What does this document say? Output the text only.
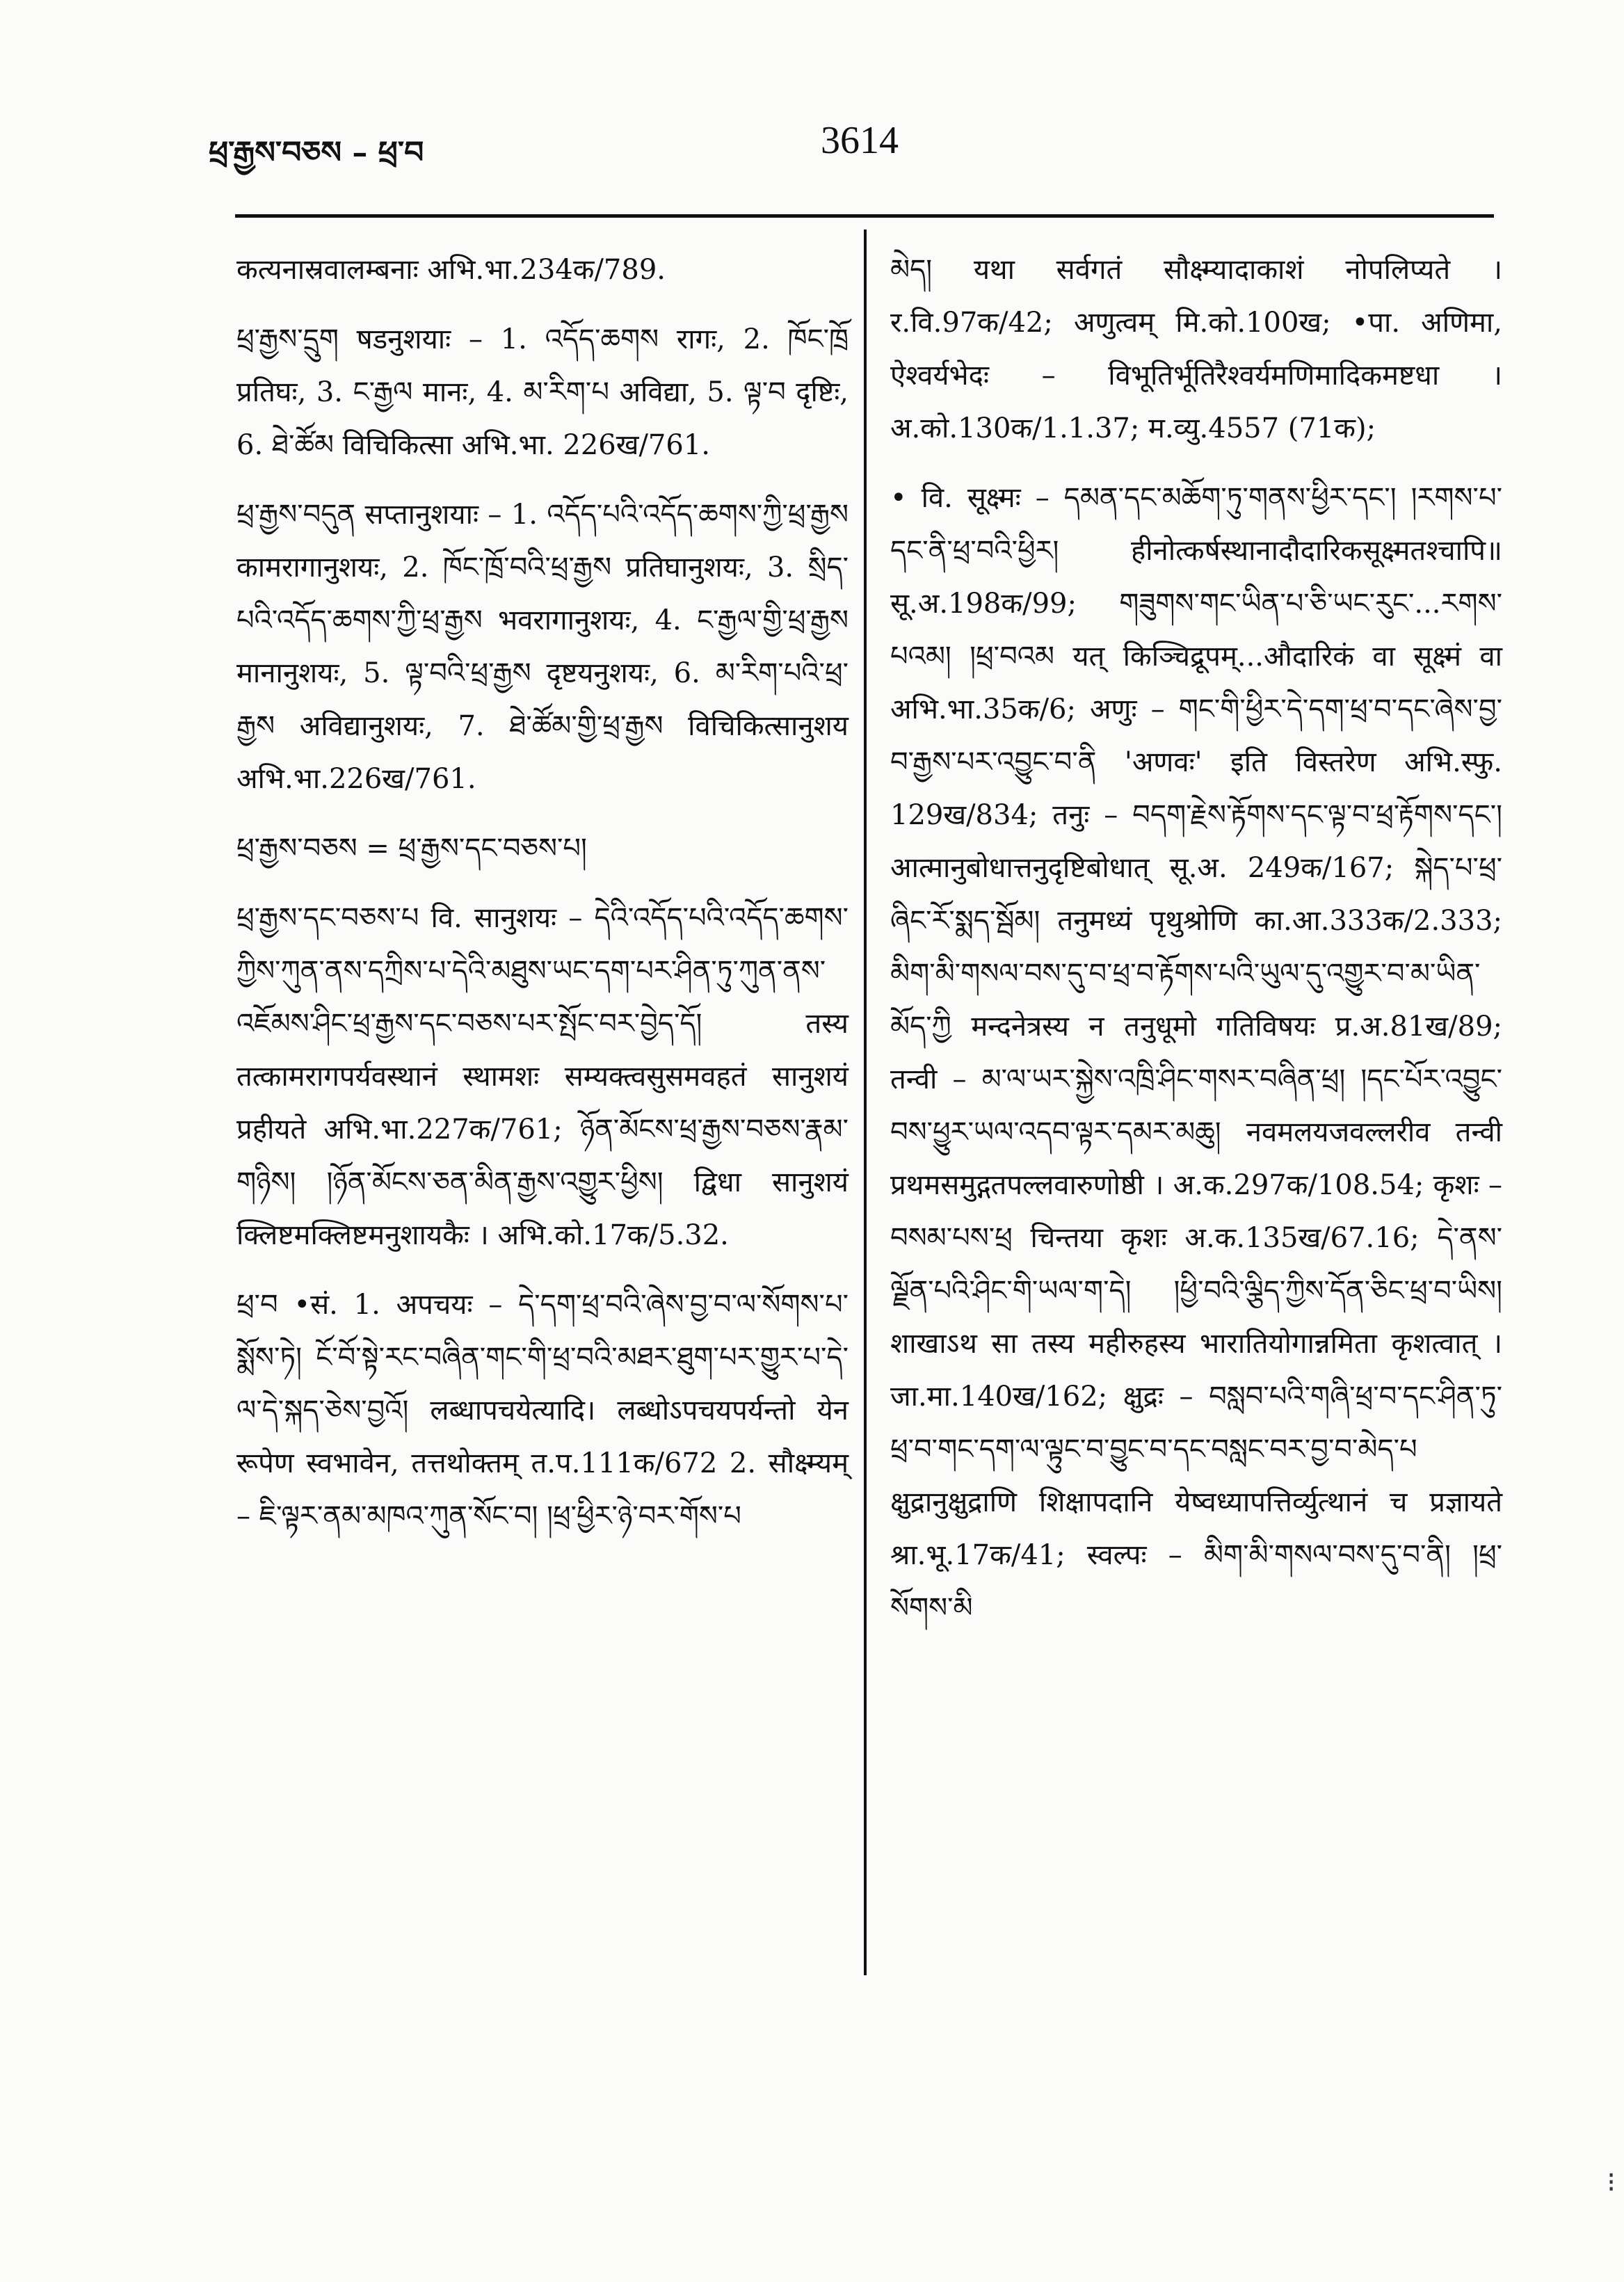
ཕྲ་རྒྱས་བཅས – ཕྲ་བ	3614

कत्यनास्रवालम्बनाः अभि.भा.234क/789.

ཕྲ་རྒྱས་དྲུག षडनुशयाः – 1. འདོད་ཆགས रागः, 2. ཁོང་ཁྲོ प्रतिघः, 3. ང་རྒྱལ मानः, 4. མ་རིག་པ अविद्या, 5. ལྟ་བ दृष्टिः, 6. ཐེ་ཚོམ विचिकित्सा अभि.भा. 226ख/761.

ཕྲ་རྒྱས་བདུན सप्तानुशयाः – 1. འདོད་པའི་འདོད་ཆགས་ཀྱི་ཕྲ་རྒྱས कामरागानुशयः, 2. ཁོང་ཁྲོ་བའི་ཕྲ་རྒྱས प्रतिघानुशयः, 3. སྲིད་པའི་འདོད་ཆགས་ཀྱི་ཕྲ་རྒྱས भवरागानुशयः, 4. ང་རྒྱལ་གྱི་ཕྲ་རྒྱས मानानुशयः, 5. ལྟ་བའི་ཕྲ་རྒྱས दृष्टयनुशयः, 6. མ་རིག་པའི་ཕྲ་རྒྱས अविद्यानुशयः, 7. ཐེ་ཚོམ་གྱི་ཕྲ་རྒྱས विचिकित्सानुशय अभि.भा.226ख/761.

ཕྲ་རྒྱས་བཅས = ཕྲ་རྒྱས་དང་བཅས་པ།

ཕྲ་རྒྱས་དང་བཅས་པ वि. सानुशयः – དེའི་འདོད་པའི་འདོད་ཆགས་ཀྱིས་ཀུན་ནས་དཀྲིས་པ་དེའི་མཐུས་ཡང་དག་པར་ཤིན་ཏུ་ཀུན་ནས་འཇོམས་ཤིང་ཕྲ་རྒྱས་དང་བཅས་པར་སྤོང་བར་བྱེད་དོ། तस्य तत्कामरागपर्यवस्थानं स्थामशः सम्यक्त्वसुसमवहतं सानुशयं प्रहीयते अभि.भा.227क/761; ཉོན་མོངས་ཕྲ་རྒྱས་བཅས་རྣམ་གཉིས། །ཉོན་མོངས་ཅན་མིན་རྒྱས་འགྱུར་ཕྱིས། द्विधा सानुशयं क्लिष्टमक्लिष्टमनुशायकैः । अभि.को.17क/5.32.

ཕྲ་བ •सं. 1. अपचयः – དེ་དག་ཕྲ་བའི་ཞེས་བྱ་བ་ལ་སོགས་པ་སྨོས་ཏེ། ངོ་བོ་སྟེ་རང་བཞིན་གང་གི་ཕྲ་བའི་མཐར་ཐུག་པར་གྱུར་པ་དེ་ལ་དེ་སྐད་ཅེས་བྱའོ། लब्धापचयेत्यादि। लब्धोऽपचयपर्यन्तो येन रूपेण स्वभावेन, तत्तथोक्तम् त.प.111क/672 2. सौक्ष्म्यम् – ཇི་ལྟར་ནམ་མཁའ་ཀུན་སོང་བ། །ཕྲ་ཕྱིར་ཉེ་བར་གོས་པ

མེད། यथा सर्वगतं सौक्ष्म्यादाकाशं नोपलिप्यते । र.वि.97क/42; अणुत्वम् मि.को.100ख; •पा. अणिमा, ऐश्वर्यभेदः – विभूतिर्भूतिरैश्वर्यमणिमादिकमष्टधा । अ.को.130क/1.1.37; म.व्यु.4557 (71क);

• वि. सूक्ष्मः – དམན་དང་མཆོག་ཏུ་གནས་ཕྱིར་དང་། །རགས་པ་དང་ནི་ཕྲ་བའི་ཕྱིར། हीनोत्कर्षस्थानादौदारिकसूक्ष्मतश्चापि॥ सू.अ.198क/99; གཟུགས་གང་ཡིན་པ་ཅི་ཡང་རུང་...རགས་པའམ། །ཕྲ་བའམ यत् किञ्चिद्रूपम्...औदारिकं वा सूक्ष्मं वा अभि.भा.35क/6; अणुः – གང་གི་ཕྱིར་དེ་དག་ཕྲ་བ་དང་ཞེས་བྱ་བ་རྒྱས་པར་འབྱུང་བ་ནི 'अणवः' इति विस्तरेण अभि.स्फु. 129ख/834; तनुः – བདག་རྗེས་རྟོགས་དང་ལྟ་བ་ཕྲ་རྟོགས་དང་། आत्मानुबोधात्तनुदृष्टिबोधात् सू.अ. 249क/167; སྐེད་པ་ཕྲ་ཞིང་རོ་སྨད་སྦོམ། तनुमध्यं पृथुश्रोणि का.आ.333क/2.333; མིག་མི་གསལ་བས་དུ་བ་ཕྲ་བ་རྟོགས་པའི་ཡུལ་དུ་འགྱུར་བ་མ་ཡིན་མོད་ཀྱི मन्दनेत्रस्य न तनुधूमो गतिविषयः प्र.अ.81ख/89; तन्वी – མ་ལ་ཡར་སྐྱེས་འཁྲི་ཤིང་གསར་བཞིན་ཕྲ། །དང་པོར་འབྱུང་བས་ཕྱུར་ཡལ་འདབ་ལྟར་དམར་མཆུ། नवमलयजवल्लरीव तन्वी प्रथमसमुद्गतपल्लवारुणोष्ठी । अ.क.297क/108.54; कृशः – བསམ་པས་ཕྲ चिन्तया कृशः अ.क.135ख/67.16; དེ་ནས་ལྗོན་པའི་ཤིང་གི་ཡལ་ག་དེ། །ཕྱི་བའི་ལྕིད་ཀྱིས་དོན་ཅིང་ཕྲ་བ་ཡིས། शाखाऽथ सा तस्य महीरुहस्य भारातियोगान्नमिता कृशत्वात् । जा.मा.140ख/162; क्षुद्रः – བསླབ་པའི་གཞི་ཕྲ་བ་དང་ཤིན་ཏུ་ཕྲ་བ་གང་དག་ལ་ལྟུང་བ་བྱུང་བ་དང་བསླང་བར་བྱ་བ་མེད་པ क्षुद्रानुक्षुद्राणि शिक्षापदानि येष्वध्यापत्तिर्व्युत्थानं च प्रज्ञायते श्रा.भू.17क/41; स्वल्पः – མིག་མི་གསལ་བས་དུ་བ་ནི། །ཕྲ་སོགས་མི

⁝
